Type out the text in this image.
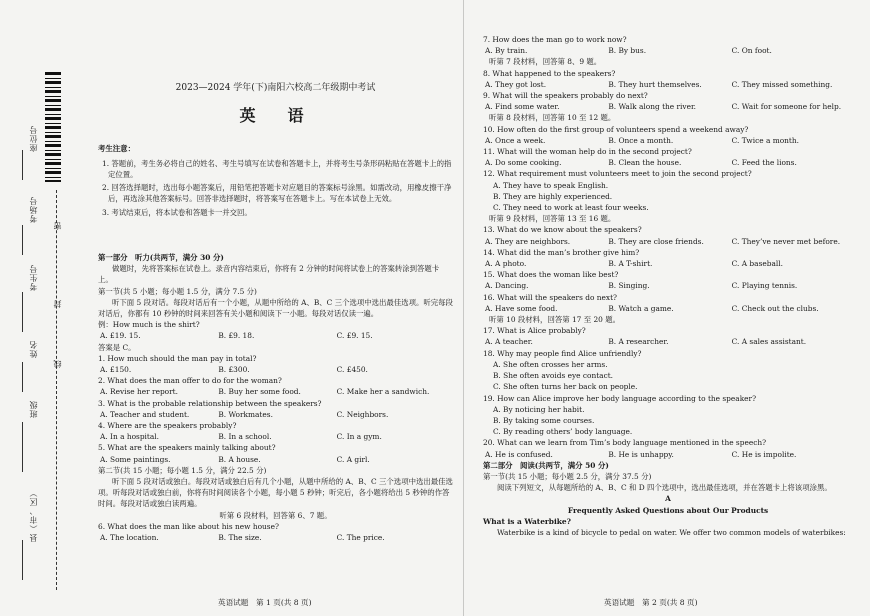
座位号
考场号
考生号
姓名
班级
县（市、区）
密
封
线
2023—2024 学年(下)南阳六校高二年级期中考试
英　语
考生注意：
1. 答题前，考生务必将自己的姓名、考生号填写在试卷和答题卡上，并将考生号条形码粘贴在答题卡上的指定位置。
2. 回答选择题时，选出每小题答案后，用铅笔把答题卡对应题目的答案标号涂黑。如需改动，用橡皮擦干净后，再选涂其他答案标号。回答非选择题时，将答案写在答题卡上。写在本试卷上无效。
3. 考试结束后，将本试卷和答题卡一并交回。
第一部分　听力(共两节，满分 30 分)
做题时，先将答案标在试卷上。录音内容结束后，你将有 2 分钟的时间将试卷上的答案转涂到答题卡上。
第一节(共 5 小题；每小题 1.5 分，满分 7.5 分)
听下面 5 段对话。每段对话后有一个小题，从题中所给的 A、B、C 三个选项中选出最佳选项。听完每段对话后，你都有 10 秒钟的时间来回答有关小题和阅读下一小题。每段对话仅读一遍。
例：How much is the shirt?
A. £19. 15.	B. £9. 18.	C. £9. 15.
答案是 C。
1. How much should the man pay in total?
A. £150.	B. £300.	C. £450.
2. What does the man offer to do for the woman?
A. Revise her report.	B. Buy her some food.	C. Make her a sandwich.
3. What is the probable relationship between the speakers?
A. Teacher and student.	B. Workmates.	C. Neighbors.
4. Where are the speakers probably?
A. In a hospital.	B. In a school.	C. In a gym.
5. What are the speakers mainly talking about?
A. Some paintings.	B. A house.	C. A girl.
第二节(共 15 小题；每小题 1.5 分，满分 22.5 分)
听下面 5 段对话或独白。每段对话或独白后有几个小题，从题中所给的 A、B、C 三个选项中选出最佳选项。听每段对话或独白前，你将有时间阅读各个小题，每小题 5 秒钟；听完后，各小题将给出 5 秒钟的作答时间。每段对话或独白读两遍。
听第 6 段材料，回答第 6、7 题。
6. What does the man like about his new house?
A. The location.	B. The size.	C. The price.
7. How does the man go to work now?
A. By train.	B. By bus.	C. On foot.
听第 7 段材料，回答第 8、9 题。
8. What happened to the speakers?
A. They got lost.	B. They hurt themselves.	C. They missed something.
9. What will the speakers probably do next?
A. Find some water.	B. Walk along the river.	C. Wait for someone for help.
听第 8 段材料，回答第 10 至 12 题。
10. How often do the first group of volunteers spend a weekend away?
A. Once a week.	B. Once a month.	C. Twice a month.
11. What will the woman help do in the second project?
A. Do some cooking.	B. Clean the house.	C. Feed the lions.
12. What requirement must volunteers meet to join the second project?
A. They have to speak English.
B. They are highly experienced.
C. They need to work at least four weeks.
听第 9 段材料，回答第 13 至 16 题。
13. What do we know about the speakers?
A. They are neighbors.	B. They are close friends.	C. They’ve never met before.
14. What did the man’s brother give him?
A. A photo.	B. A T-shirt.	C. A baseball.
15. What does the woman like best?
A. Dancing.	B. Singing.	C. Playing tennis.
16. What will the speakers do next?
A. Have some food.	B. Watch a game.	C. Check out the clubs.
听第 10 段材料，回答第 17 至 20 题。
17. What is Alice probably?
A. A teacher.	B. A researcher.	C. A sales assistant.
18. Why may people find Alice unfriendly?
A. She often crosses her arms.
B. She often avoids eye contact.
C. She often turns her back on people.
19. How can Alice improve her body language according to the speaker?
A. By noticing her habit.
B. By taking some courses.
C. By reading others’ body language.
20. What can we learn from Tim’s body language mentioned in the speech?
A. He is confused.	B. He is unhappy.	C. He is impolite.
第二部分　阅读(共两节，满分 50 分)
第一节(共 15 小题；每小题 2.5 分，满分 37.5 分)
阅读下列短文，从每题所给的 A、B、C 和 D 四个选项中，选出最佳选项，并在答题卡上将该项涂黑。
A
Frequently Asked Questions about Our Products
What is a Waterbike?
Waterbike is a kind of bicycle to pedal on water. We offer two common models of waterbikes:
英语试题　第 1 页(共 8 页)	英语试题　第 2 页(共 8 页)
